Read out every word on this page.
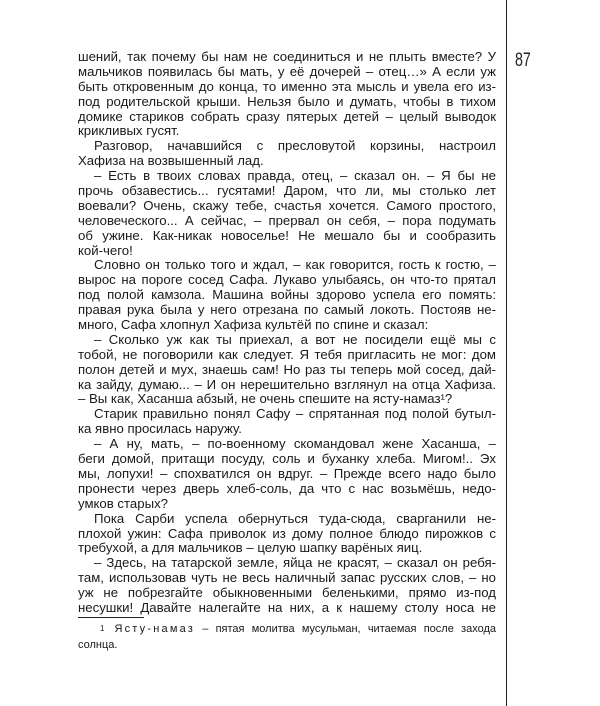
87
шений, так почему бы нам не соединиться и не плыть вместе? У
мальчиков появилась бы мать, у её дочерей – отец…» А если уж
быть откровенным до конца, то именно эта мысль и увела его из-
под родительской крыши. Нельзя было и думать, чтобы в тихом
домике стариков собрать сразу пятерых детей – целый выводок
крикливых гусят.
Разговор, начавшийся с пресловутой корзины, настроил
Хафиза на возвышенный лад.
– Есть в твоих словах правда, отец, – сказал он. – Я бы не
прочь обзавестись... гусятами! Даром, что ли, мы столько лет
воевали? Очень, скажу тебе, счастья хочется. Самого простого,
человеческого... А сейчас, – прервал он себя, – пора подумать
об ужине. Как-никак новоселье! Не мешало бы и сообразить
кой-чего!
Словно он только того и ждал, – как говорится, гость к гостю, –
вырос на пороге сосед Сафа. Лукаво улыбаясь, он что-то прятал
под полой камзола. Машина войны здорово успела его помять:
правая рука была у него отрезана по самый локоть. Постояв не-
много, Сафа хлопнул Хафиза культёй по спине и сказал:
– Сколько уж как ты приехал, а вот не посидели ещё мы с
тобой, не поговорили как следует. Я тебя пригласить не мог: дом
полон детей и мух, знаешь сам! Но раз ты теперь мой сосед, дай-
ка зайду, думаю... – И он нерешительно взглянул на отца Хафиза.
– Вы как, Хасанша абзый, не очень спешите на ясту-намаз¹?
Старик правильно понял Сафу – спрятанная под полой бутыл-
ка явно просилась наружу.
– А ну, мать, – по-военному скомандовал жене Хасанша, –
беги домой, притащи посуду, соль и буханку хлеба. Мигом!.. Эх
мы, лопухи! – спохватился он вдруг. – Прежде всего надо было
пронести через дверь хлеб-соль, да что с нас возьмёшь, недо-
умков старых?
Пока Сарби успела обернуться туда-сюда, сварганили не-
плохой ужин: Сафа приволок из дому полное блюдо пирожков с
требухой, а для мальчиков – целую шапку варёных яиц.
– Здесь, на татарской земле, яйца не красят, – сказал он ребя-
там, использовав чуть не весь наличный запас русских слов, – но
уж не побрезгайте обыкновенными беленькими, прямо из-под
несушки! Давайте налегайте на них, а к нашему столу носа не
$^1$ Ясту-намаз – пятая молитва мусульман, читаемая после захода
солнца.
